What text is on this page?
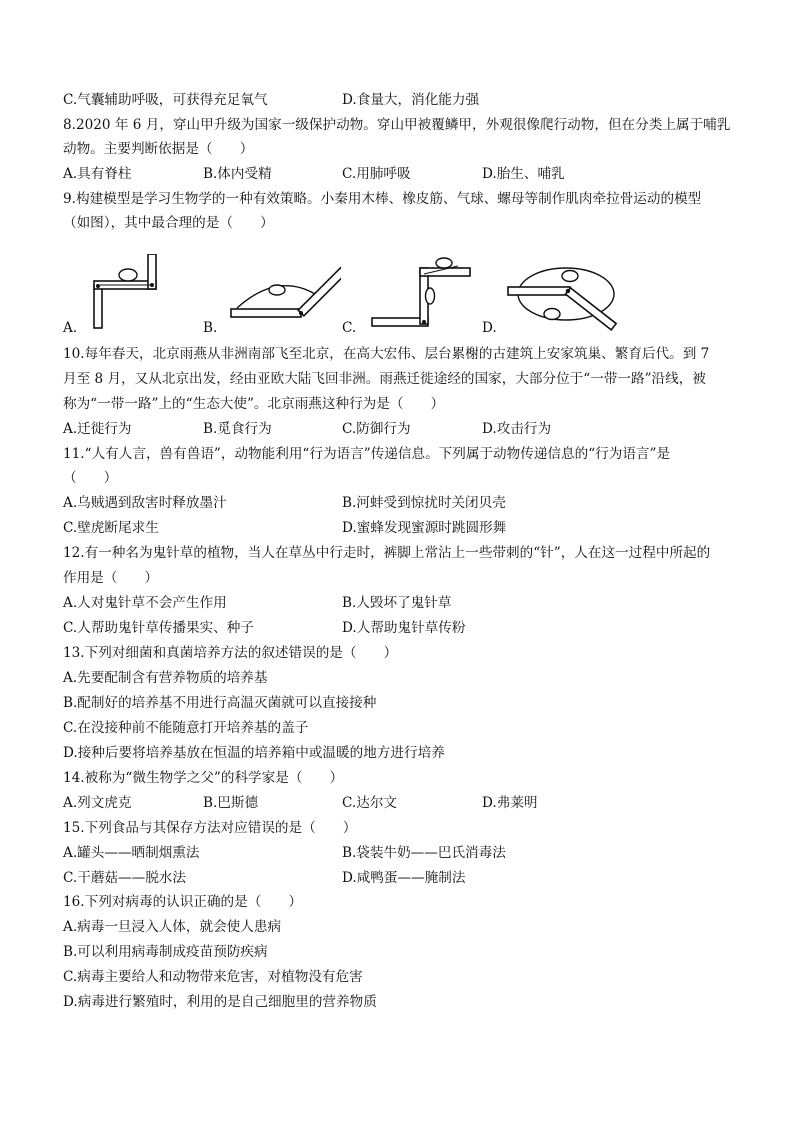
C.气囊辅助呼吸，可获得充足氧气	D.食量大，消化能力强
8.2020 年 6 月，穿山甲升级为国家一级保护动物。穿山甲被覆鳞甲，外观很像爬行动物，但在分类上属于哺乳
动物。主要判断依据是（　　）
A.具有脊柱	B.体内受精	C.用肺呼吸	D.胎生、哺乳
9.构建模型是学习生物学的一种有效策略。小秦用木棒、橡皮筋、气球、螺母等制作肌肉牵拉骨运动的模型
（如图），其中最合理的是（　　）
A.	B.	C.	D.
10.每年春天，北京雨燕从非洲南部飞至北京，在高大宏伟、层台累榭的古建筑上安家筑巢、繁育后代。到 7
月至 8 月，又从北京出发，经由亚欧大陆飞回非洲。雨燕迁徙途经的国家，大部分位于“一带一路”沿线，被
称为“一带一路”上的“生态大使”。北京雨燕这种行为是（　　）
A.迁徙行为	B.觅食行为	C.防御行为	D.攻击行为
11.“人有人言，兽有兽语”，动物能利用“行为语言”传递信息。下列属于动物传递信息的“行为语言”是
（　　）
A.乌贼遇到敌害时释放墨汁	B.河蚌受到惊扰时关闭贝壳
C.壁虎断尾求生	D.蜜蜂发现蜜源时跳圆形舞
12.有一种名为鬼针草的植物，当人在草丛中行走时，裤脚上常沾上一些带刺的“针”，人在这一过程中所起的
作用是（　　）
A.人对鬼针草不会产生作用	B.人毁坏了鬼针草
C.人帮助鬼针草传播果实、种子	D.人帮助鬼针草传粉
13.下列对细菌和真菌培养方法的叙述错误的是（　　）
A.先要配制含有营养物质的培养基
B.配制好的培养基不用进行高温灭菌就可以直接接种
C.在没接种前不能随意打开培养基的盖子
D.接种后要将培养基放在恒温的培养箱中或温暖的地方进行培养
14.被称为“微生物学之父”的科学家是（　　）
A.列文虎克	B.巴斯德	C.达尔文	D.弗莱明
15.下列食品与其保存方法对应错误的是（　　）
A.罐头——晒制烟熏法	B.袋装牛奶——巴氏消毒法
C.干蘑菇——脱水法	D.咸鸭蛋——腌制法
16.下列对病毒的认识正确的是（　　）
A.病毒一旦浸入人体，就会使人患病
B.可以利用病毒制成疫苗预防疾病
C.病毒主要给人和动物带来危害，对植物没有危害
D.病毒进行繁殖时，利用的是自己细胞里的营养物质
